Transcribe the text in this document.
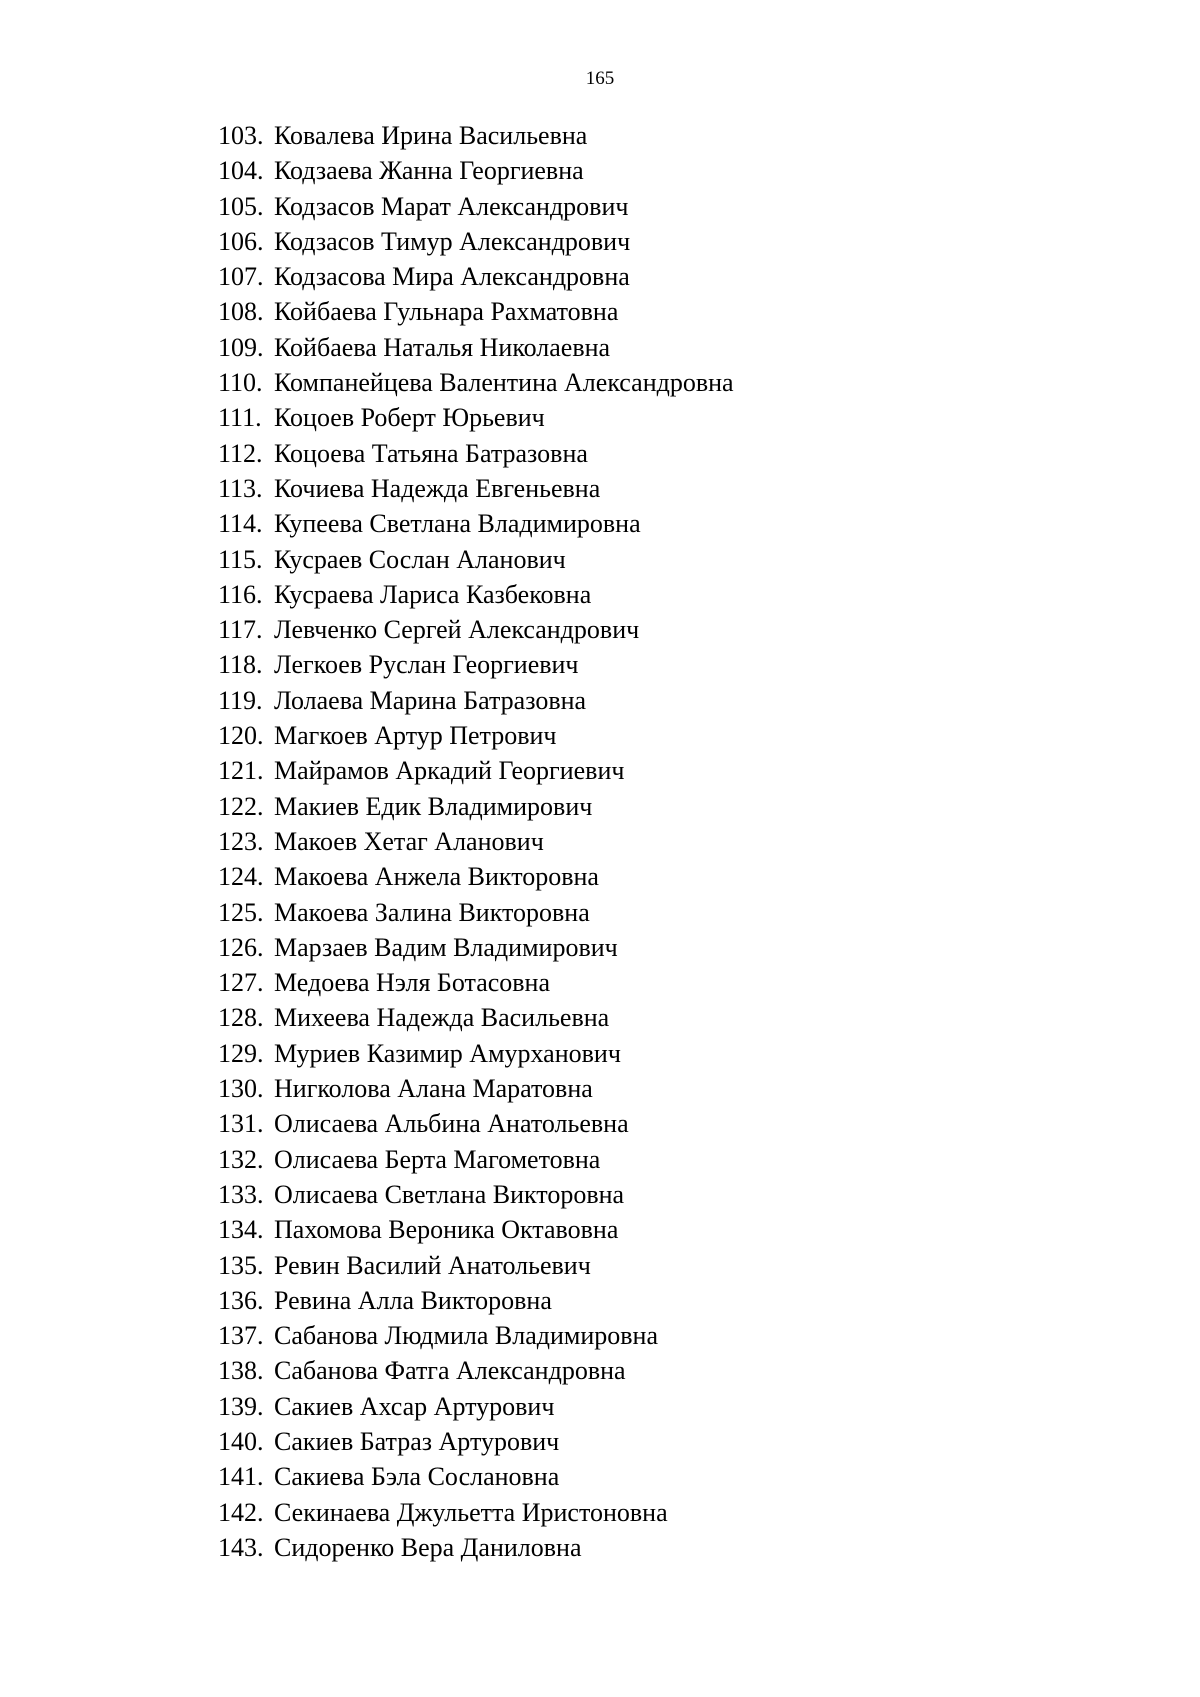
165
103. Ковалева Ирина Васильевна
104. Кодзаева Жанна Георгиевна
105. Кодзасов Марат Александрович
106. Кодзасов Тимур Александрович
107. Кодзасова Мира Александровна
108. Койбаева Гульнара Рахматовна
109. Койбаева Наталья Николаевна
110. Компанейцева Валентина Александровна
111. Коцоев Роберт Юрьевич
112. Коцоева Татьяна Батразовна
113. Кочиева Надежда Евгеньевна
114. Купеева Светлана Владимировна
115. Кусраев Сослан Аланович
116. Кусраева Лариса Казбековна
117. Левченко Сергей Александрович
118. Легкоев Руслан Георгиевич
119. Лолаева Марина Батразовна
120. Магкоев Артур Петрович
121. Майрамов Аркадий Георгиевич
122. Макиев Едик Владимирович
123. Макоев Хетаг Аланович
124. Макоева Анжела Викторовна
125. Макоева Залина Викторовна
126. Марзаев Вадим Владимирович
127. Медоева Нэля Ботасовна
128. Михеева Надежда Васильевна
129. Муриев Казимир Амурханович
130. Нигколова Алана Маратовна
131. Олисаева Альбина Анатольевна
132. Олисаева Берта Магометовна
133. Олисаева Светлана Викторовна
134. Пахомова Вероника Октавовна
135. Ревин Василий Анатольевич
136. Ревина Алла Викторовна
137. Сабанова Людмила Владимировна
138. Сабанова Фатга Александровна
139. Сакиев Ахсар Артурович
140. Сакиев Батраз Артурович
141. Сакиева Бэла Сослановна
142. Секинаева Джульетта Иристоновна
143. Сидоренко Вера Даниловна
